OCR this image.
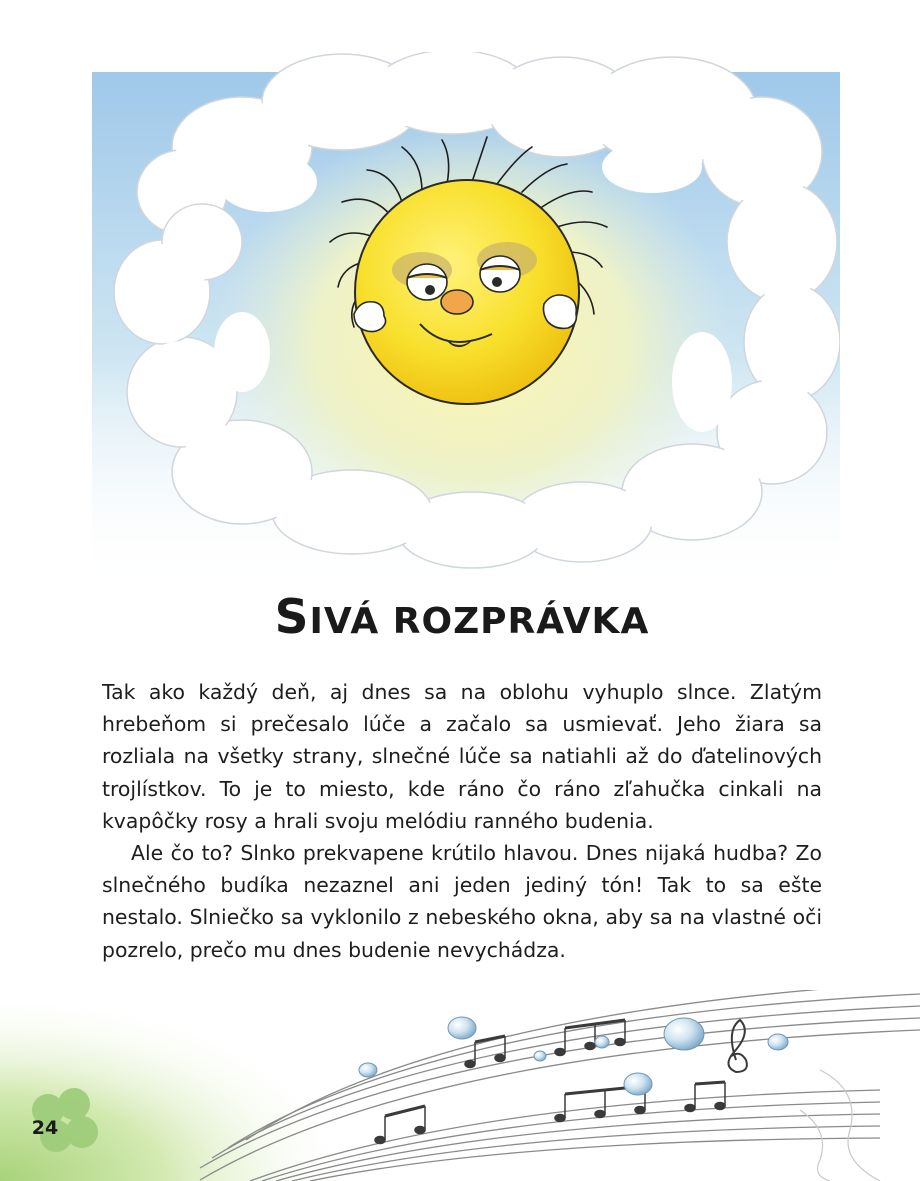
SIVÁ ROZPRÁVKA

Tak ako každý deň, aj dnes sa na oblohu vyhuplo slnce. Zlatým hrebeňom si prečesalo lúče a začalo sa usmievať. Jeho žiara sa rozliala na všetky strany, slnečné lúče sa natiahli až do ďatelinových trojlístkov. To je to miesto, kde ráno čo ráno zľahučka cinkali na kvapôčky rosy a hrali svoju melódiu ranného budenia.

Ale čo to? Slnko prekvapene krútilo hlavou. Dnes nijaká hudba? Zo slnečného budíka nezaznel ani jeden jediný tón! Tak to sa ešte nestalo. Slniečko sa vyklonilo z nebeského okna, aby sa na vlastné oči pozrelo, prečo mu dnes budenie nevychádza.

24
